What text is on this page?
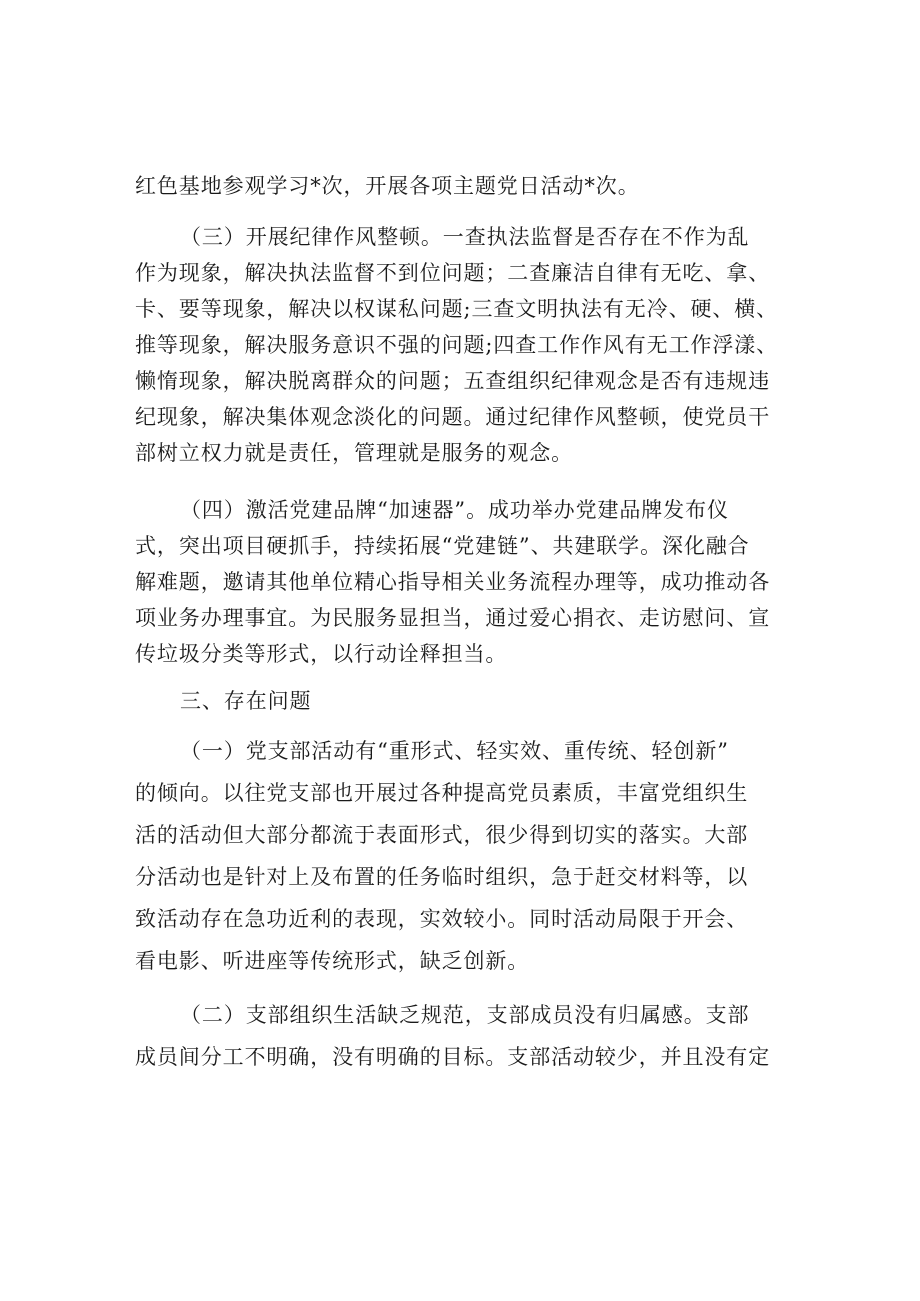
红色基地参观学习*次，开展各项主题党日活动*次。
（三）开展纪律作风整顿。一查执法监督是否存在不作为乱
作为现象，解决执法监督不到位问题；二查廉洁自律有无吃、拿、
卡、要等现象，解决以权谋私问题;三查文明执法有无冷、硬、横、
推等现象，解决服务意识不强的问题;四查工作作风有无工作浮漾、
懒惰现象，解决脱离群众的问题；五查组织纪律观念是否有违规违
纪现象，解决集体观念淡化的问题。通过纪律作风整顿，使党员干
部树立权力就是责任，管理就是服务的观念。
（四）激活党建品牌“加速器”。成功举办党建品牌发布仪
式，突出项目硬抓手，持续拓展“党建链”、共建联学。深化融合
解难题，邀请其他单位精心指导相关业务流程办理等，成功推动各
项业务办理事宜。为民服务显担当，通过爱心捐衣、走访慰问、宣
传垃圾分类等形式，以行动诠释担当。
三、存在问题
（一）党支部活动有“重形式、轻实效、重传统、轻创新”
的倾向。以往党支部也开展过各种提高党员素质，丰富党组织生
活的活动但大部分都流于表面形式，很少得到切实的落实。大部
分活动也是针对上及布置的任务临时组织，急于赶交材料等，以
致活动存在急功近利的表现，实效较小。同时活动局限于开会、
看电影、听进座等传统形式，缺乏创新。
（二）支部组织生活缺乏规范，支部成员没有归属感。支部
成员间分工不明确，没有明确的目标。支部活动较少，并且没有定
